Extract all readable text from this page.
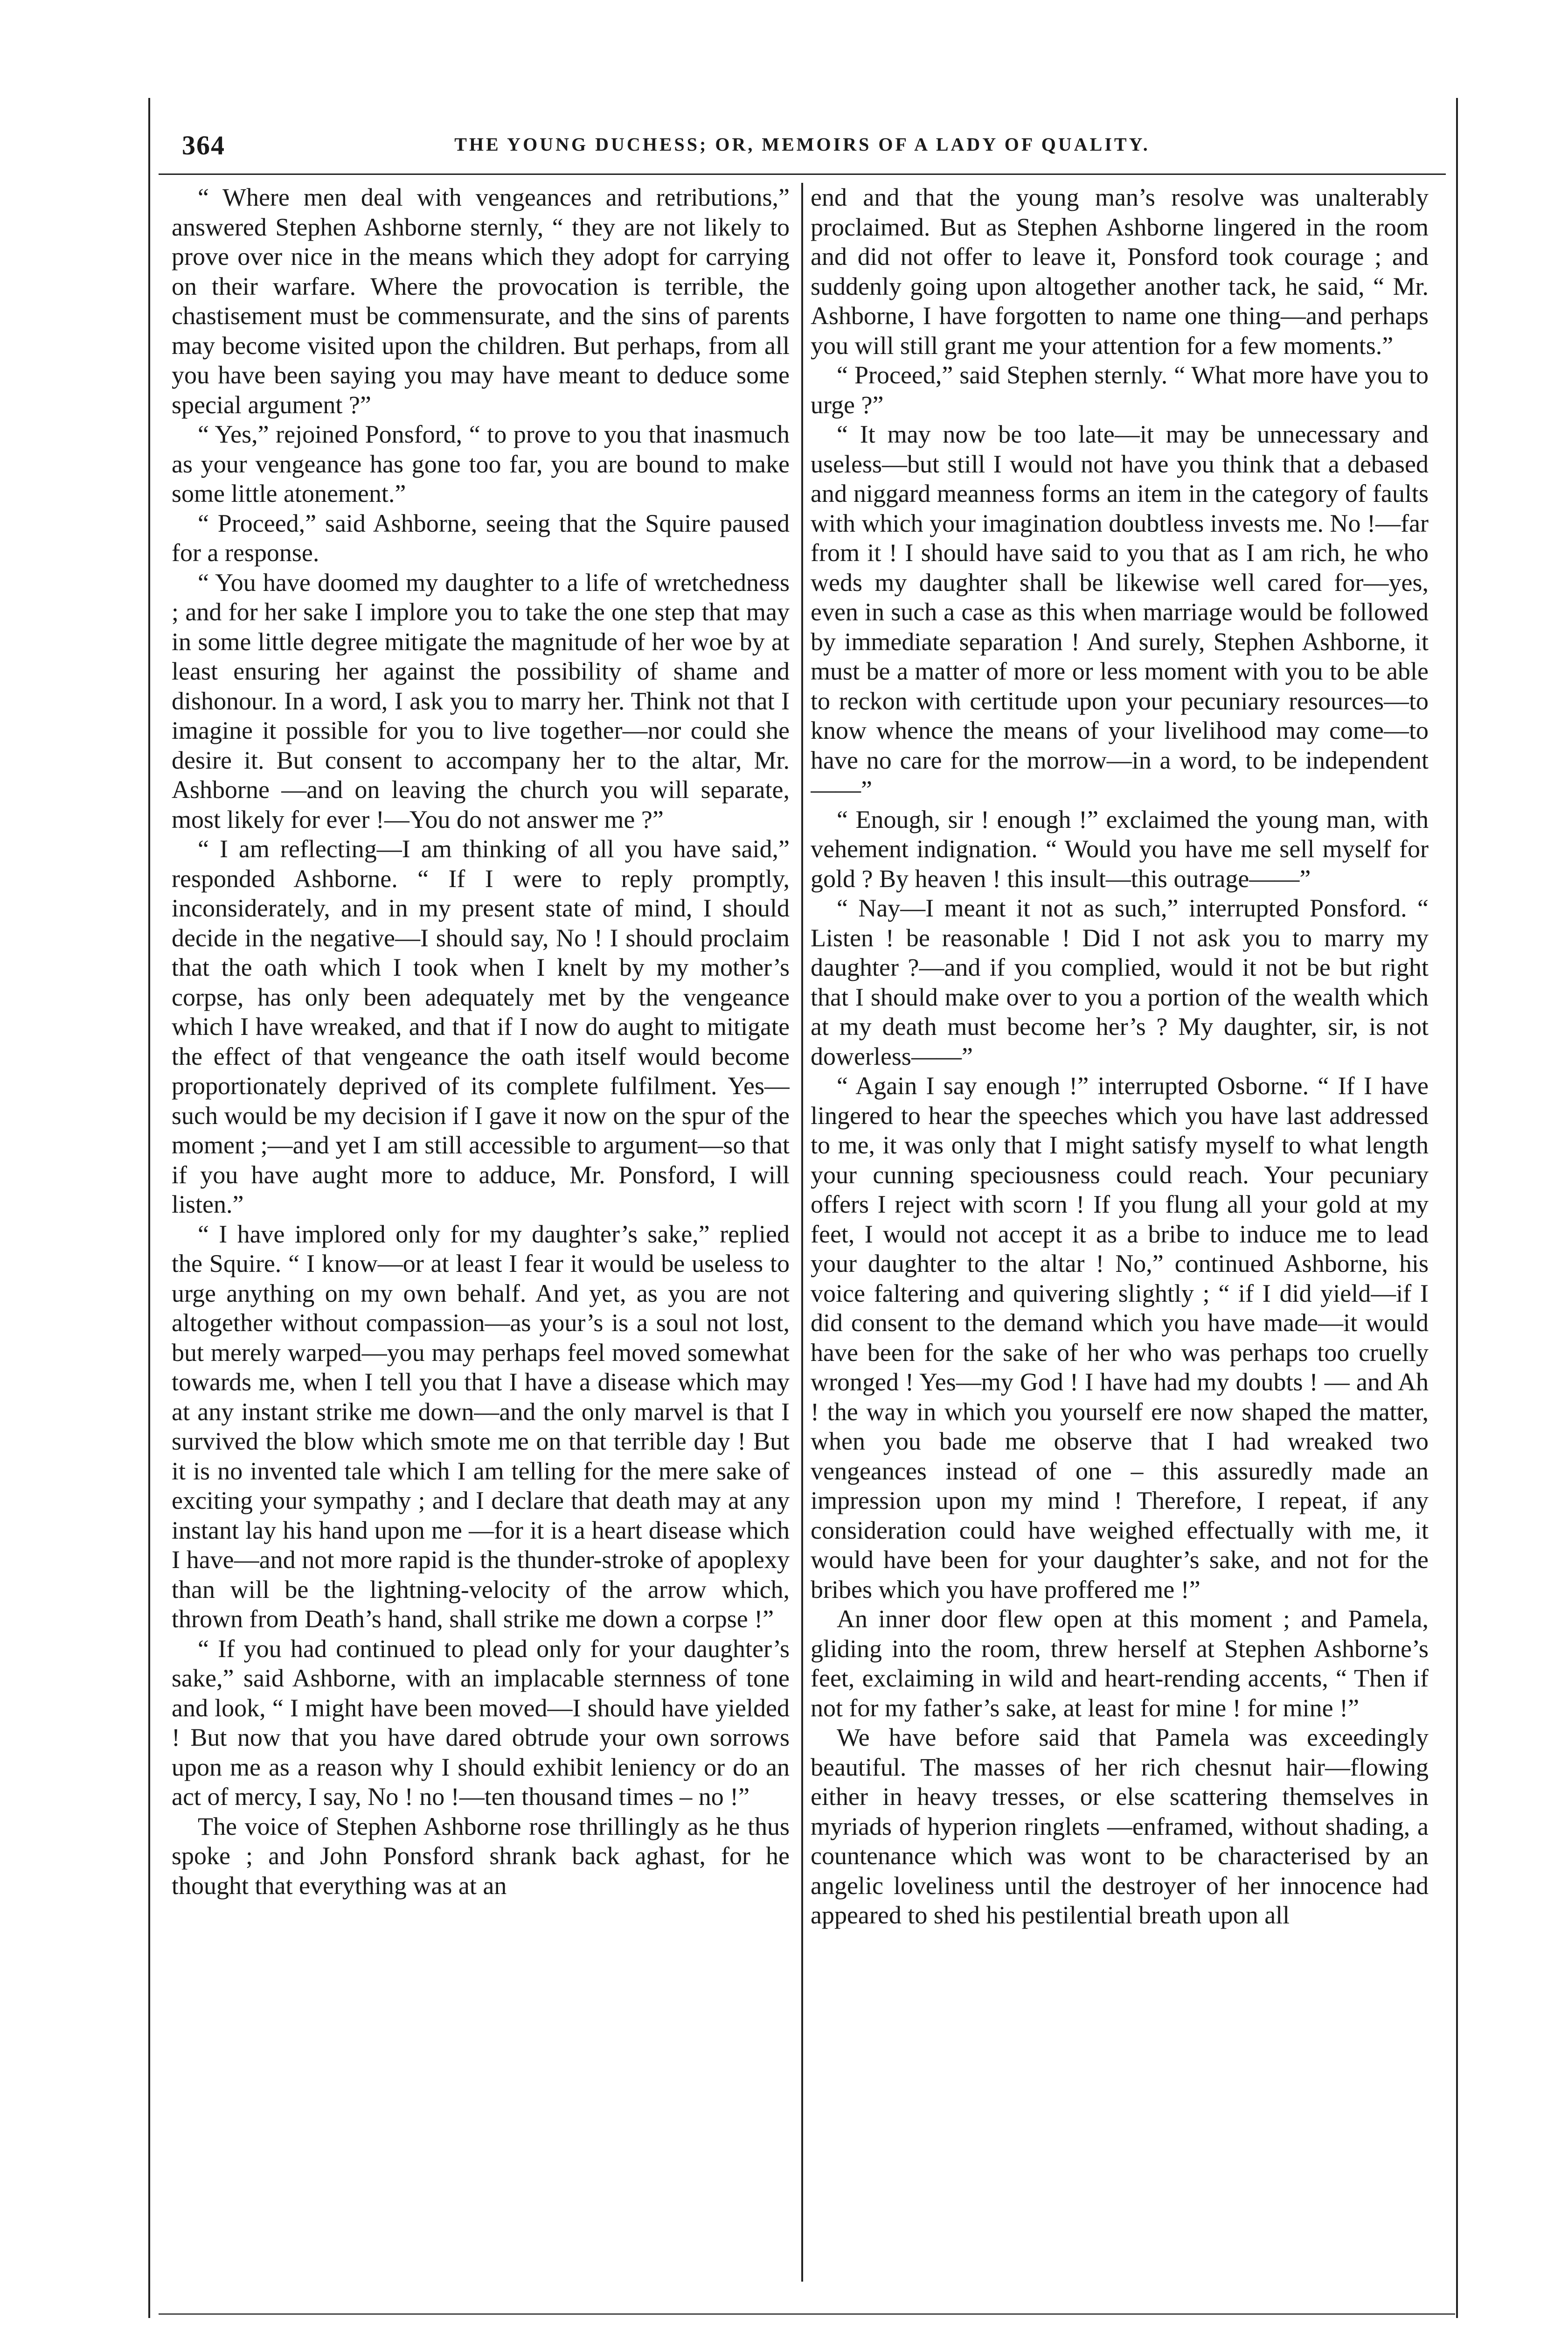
364	THE YOUNG DUCHESS; OR, MEMOIRS OF A LADY OF QUALITY.

“ Where men deal with vengeances and retributions,” answered Stephen Ashborne sternly, “ they are not likely to prove over nice in the means which they adopt for carrying on their warfare. Where the provocation is terrible, the chastisement must be commensurate, and the sins of parents may become visited upon the children. But perhaps, from all you have been saying you may have meant to deduce some special argument ?”

“ Yes,” rejoined Ponsford, “ to prove to you that inasmuch as your vengeance has gone too far, you are bound to make some little atonement.”

“ Proceed,” said Ashborne, seeing that the Squire paused for a response.

“ You have doomed my daughter to a life of wretchedness ; and for her sake I implore you to take the one step that may in some little degree mitigate the magnitude of her woe by at least ensuring her against the possibility of shame and dishonour. In a word, I ask you to marry her. Think not that I imagine it possible for you to live together—nor could she desire it. But consent to accompany her to the altar, Mr. Ashborne —and on leaving the church you will separate, most likely for ever !—You do not answer me ?”

“ I am reflecting—I am thinking of all you have said,” responded Ashborne. “ If I were to reply promptly, inconsiderately, and in my present state of mind, I should decide in the negative—I should say, No ! I should proclaim that the oath which I took when I knelt by my mother’s corpse, has only been adequately met by the vengeance which I have wreaked, and that if I now do aught to mitigate the effect of that vengeance the oath itself would become proportionately deprived of its complete fulfilment. Yes—such would be my decision if I gave it now on the spur of the moment ;—and yet I am still accessible to argument—so that if you have aught more to adduce, Mr. Ponsford, I will listen.”

“ I have implored only for my daughter’s sake,” replied the Squire. “ I know—or at least I fear it would be useless to urge anything on my own behalf. And yet, as you are not altogether without compassion—as your’s is a soul not lost, but merely warped—you may perhaps feel moved somewhat towards me, when I tell you that I have a disease which may at any instant strike me down—and the only marvel is that I survived the blow which smote me on that terrible day ! But it is no invented tale which I am telling for the mere sake of exciting your sympathy ; and I declare that death may at any instant lay his hand upon me —for it is a heart disease which I have—and not more rapid is the thunder-stroke of apoplexy than will be the lightning-velocity of the arrow which, thrown from Death’s hand, shall strike me down a corpse !”

“ If you had continued to plead only for your daughter’s sake,” said Ashborne, with an implacable sternness of tone and look, “ I might have been moved—I should have yielded ! But now that you have dared obtrude your own sorrows upon me as a reason why I should exhibit leniency or do an act of mercy, I say, No ! no !—ten thousand times – no !”

The voice of Stephen Ashborne rose thrillingly as he thus spoke ; and John Ponsford shrank back aghast, for he thought that everything was at an

end and that the young man’s resolve was unalterably proclaimed. But as Stephen Ashborne lingered in the room and did not offer to leave it, Ponsford took courage ; and suddenly going upon altogether another tack, he said, “ Mr. Ashborne, I have forgotten to name one thing—and perhaps you will still grant me your attention for a few moments.”

“ Proceed,” said Stephen sternly. “ What more have you to urge ?”

“ It may now be too late—it may be unnecessary and useless—but still I would not have you think that a debased and niggard meanness forms an item in the category of faults with which your imagination doubtless invests me. No !—far from it ! I should have said to you that as I am rich, he who weds my daughter shall be likewise well cared for—yes, even in such a case as this when marriage would be followed by immediate separation ! And surely, Stephen Ashborne, it must be a matter of more or less moment with you to be able to reckon with certitude upon your pecuniary resources—to know whence the means of your livelihood may come—to have no care for the morrow—in a word, to be independent——”

“ Enough, sir ! enough !” exclaimed the young man, with vehement indignation. “ Would you have me sell myself for gold ? By heaven ! this insult—this outrage——”

“ Nay—I meant it not as such,” interrupted Ponsford. “ Listen ! be reasonable ! Did I not ask you to marry my daughter ?—and if you complied, would it not be but right that I should make over to you a portion of the wealth which at my death must become her’s ? My daughter, sir, is not dowerless——”

“ Again I say enough !” interrupted Osborne. “ If I have lingered to hear the speeches which you have last addressed to me, it was only that I might satisfy myself to what length your cunning speciousness could reach. Your pecuniary offers I reject with scorn ! If you flung all your gold at my feet, I would not accept it as a bribe to induce me to lead your daughter to the altar ! No,” continued Ashborne, his voice faltering and quivering slightly ; “ if I did yield—if I did consent to the demand which you have made—it would have been for the sake of her who was perhaps too cruelly wronged ! Yes—my God ! I have had my doubts ! — and Ah ! the way in which you yourself ere now shaped the matter, when you bade me observe that I had wreaked two vengeances instead of one – this assuredly made an impression upon my mind ! Therefore, I repeat, if any consideration could have weighed effectually with me, it would have been for your daughter’s sake, and not for the bribes which you have proffered me !”

An inner door flew open at this moment ; and Pamela, gliding into the room, threw herself at Stephen Ashborne’s feet, exclaiming in wild and heart-rending accents, “ Then if not for my father’s sake, at least for mine ! for mine !”

We have before said that Pamela was exceedingly beautiful. The masses of her rich chesnut hair—flowing either in heavy tresses, or else scattering themselves in myriads of hyperion ringlets —enframed, without shading, a countenance which was wont to be characterised by an angelic loveliness until the destroyer of her innocence had appeared to shed his pestilential breath upon all
